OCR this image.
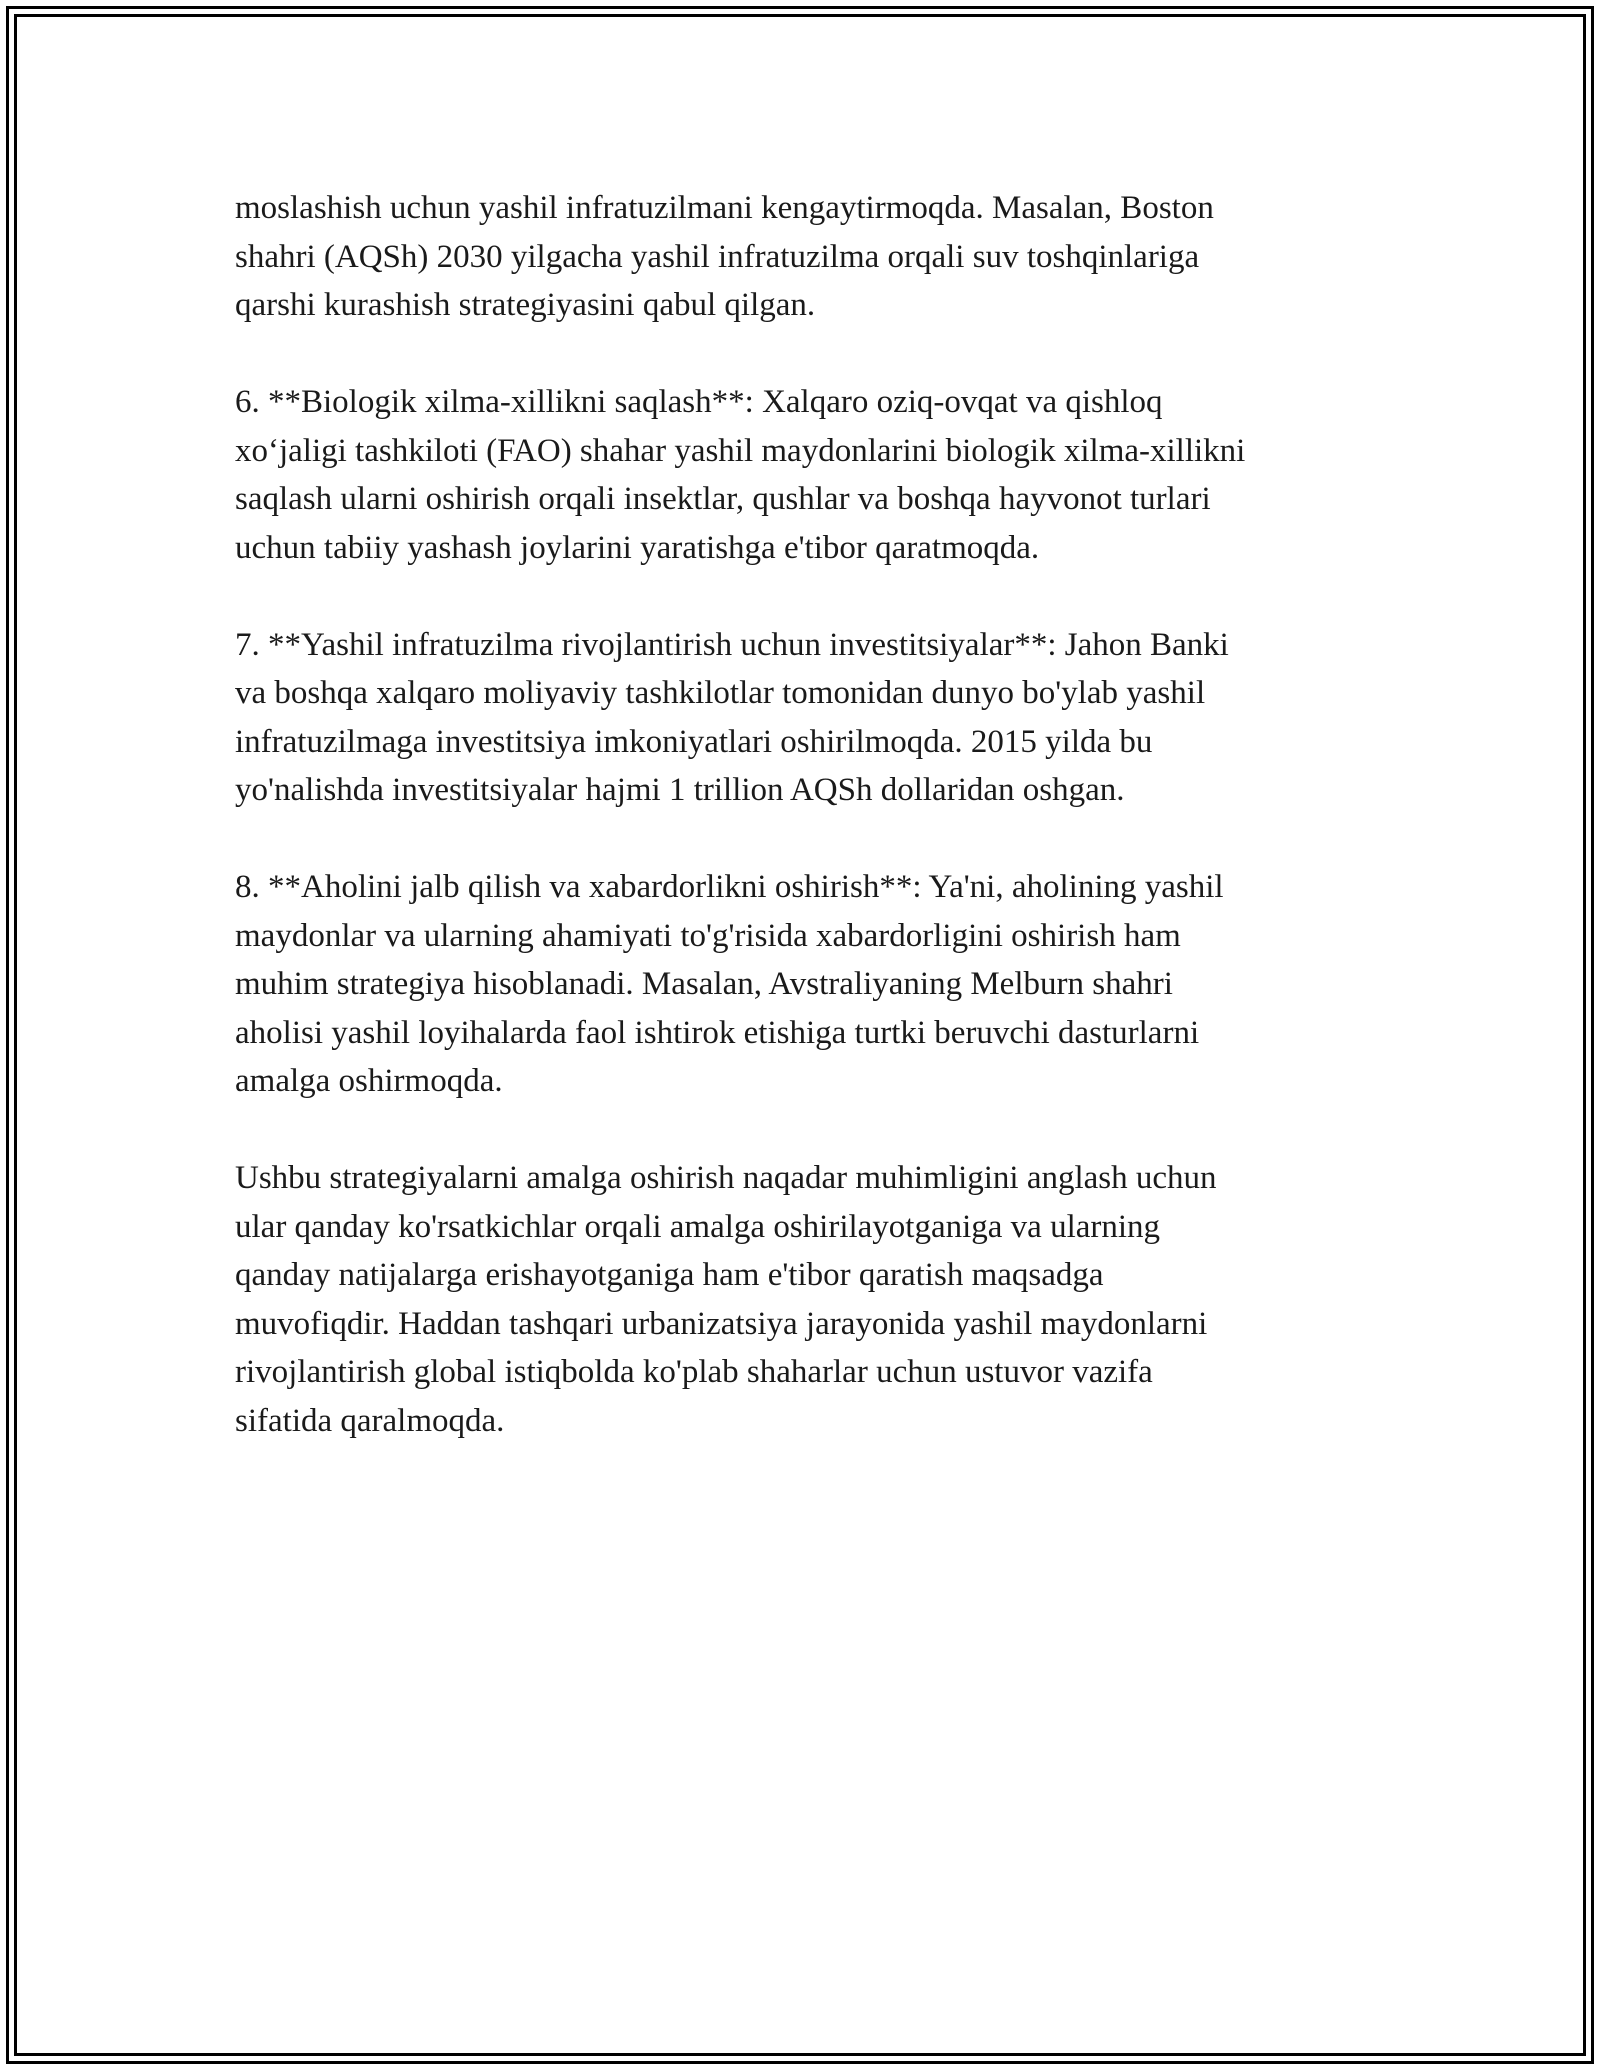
moslashish uchun yashil infratuzilmani kengaytirmoqda. Masalan, Boston
shahri (AQSh) 2030 yilgacha yashil infratuzilma orqali suv toshqinlariga
qarshi kurashish strategiyasini qabul qilgan.

6. **Biologik xilma-xillikni saqlash**: Xalqaro oziq-ovqat va qishloq
xo‘jaligi tashkiloti (FAO) shahar yashil maydonlarini biologik xilma-xillikni
saqlash ularni oshirish orqali insektlar, qushlar va boshqa hayvonot turlari
uchun tabiiy yashash joylarini yaratishga e'tibor qaratmoqda.

7. **Yashil infratuzilma rivojlantirish uchun investitsiyalar**: Jahon Banki
va boshqa xalqaro moliyaviy tashkilotlar tomonidan dunyo bo'ylab yashil
infratuzilmaga investitsiya imkoniyatlari oshirilmoqda. 2015 yilda bu
yo'nalishda investitsiyalar hajmi 1 trillion AQSh dollaridan oshgan.

8. **Aholini jalb qilish va xabardorlikni oshirish**: Ya'ni, aholining yashil
maydonlar va ularning ahamiyati to'g'risida xabardorligini oshirish ham
muhim strategiya hisoblanadi. Masalan, Avstraliyaning Melburn shahri
aholisi yashil loyihalarda faol ishtirok etishiga turtki beruvchi dasturlarni
amalga oshirmoqda.

Ushbu strategiyalarni amalga oshirish naqadar muhimligini anglash uchun
ular qanday ko'rsatkichlar orqali amalga oshirilayotganiga va ularning
qanday natijalarga erishayotganiga ham e'tibor qaratish maqsadga
muvofiqdir. Haddan tashqari urbanizatsiya jarayonida yashil maydonlarni
rivojlantirish global istiqbolda ko'plab shaharlar uchun ustuvor vazifa
sifatida qaralmoqda.
